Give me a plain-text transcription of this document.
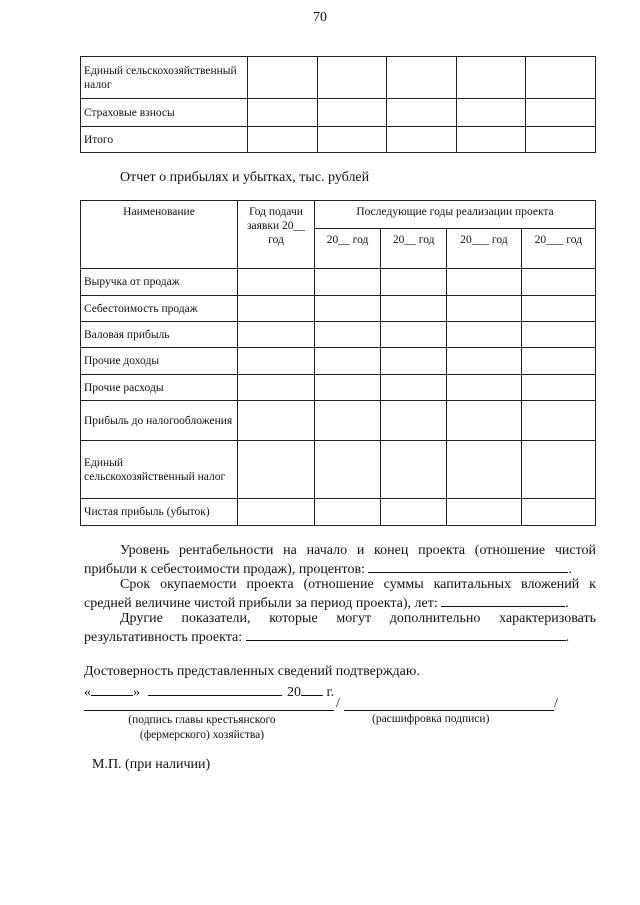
70
Единый сельскохозяйственный налог					
Страховые взносы					
Итого					
Отчет о прибылях и убытках, тыс. рублей
Наименование	Год подачи заявки 20__ год	Последующие годы реализации проекта			
		20__ год	20__ год	20___ год	20___ год
Выручка от продаж					
Себестоимость продаж					
Валовая прибыль					
Прочие доходы					
Прочие расходы					
Прибыль до налогообложения					
Единый сельскохозяйственный налог					
Чистая прибыль (убыток)					
Уровень рентабельности на начало и конец проекта (отношение чистой прибыли к себестоимости продаж), процентов:	.
Срок окупаемости проекта (отношение суммы капитальных вложений к средней величине чистой прибыли за период проекта), лет:	.
Другие показатели, которые могут дополнительно характеризовать результативность проекта:	.
Достоверность представленных сведений подтверждаю.
«	»	20 г.
/	/
(подпись главы крестьянского (фермерского) хозяйства)
(расшифровка подписи)
М.П. (при наличии)
